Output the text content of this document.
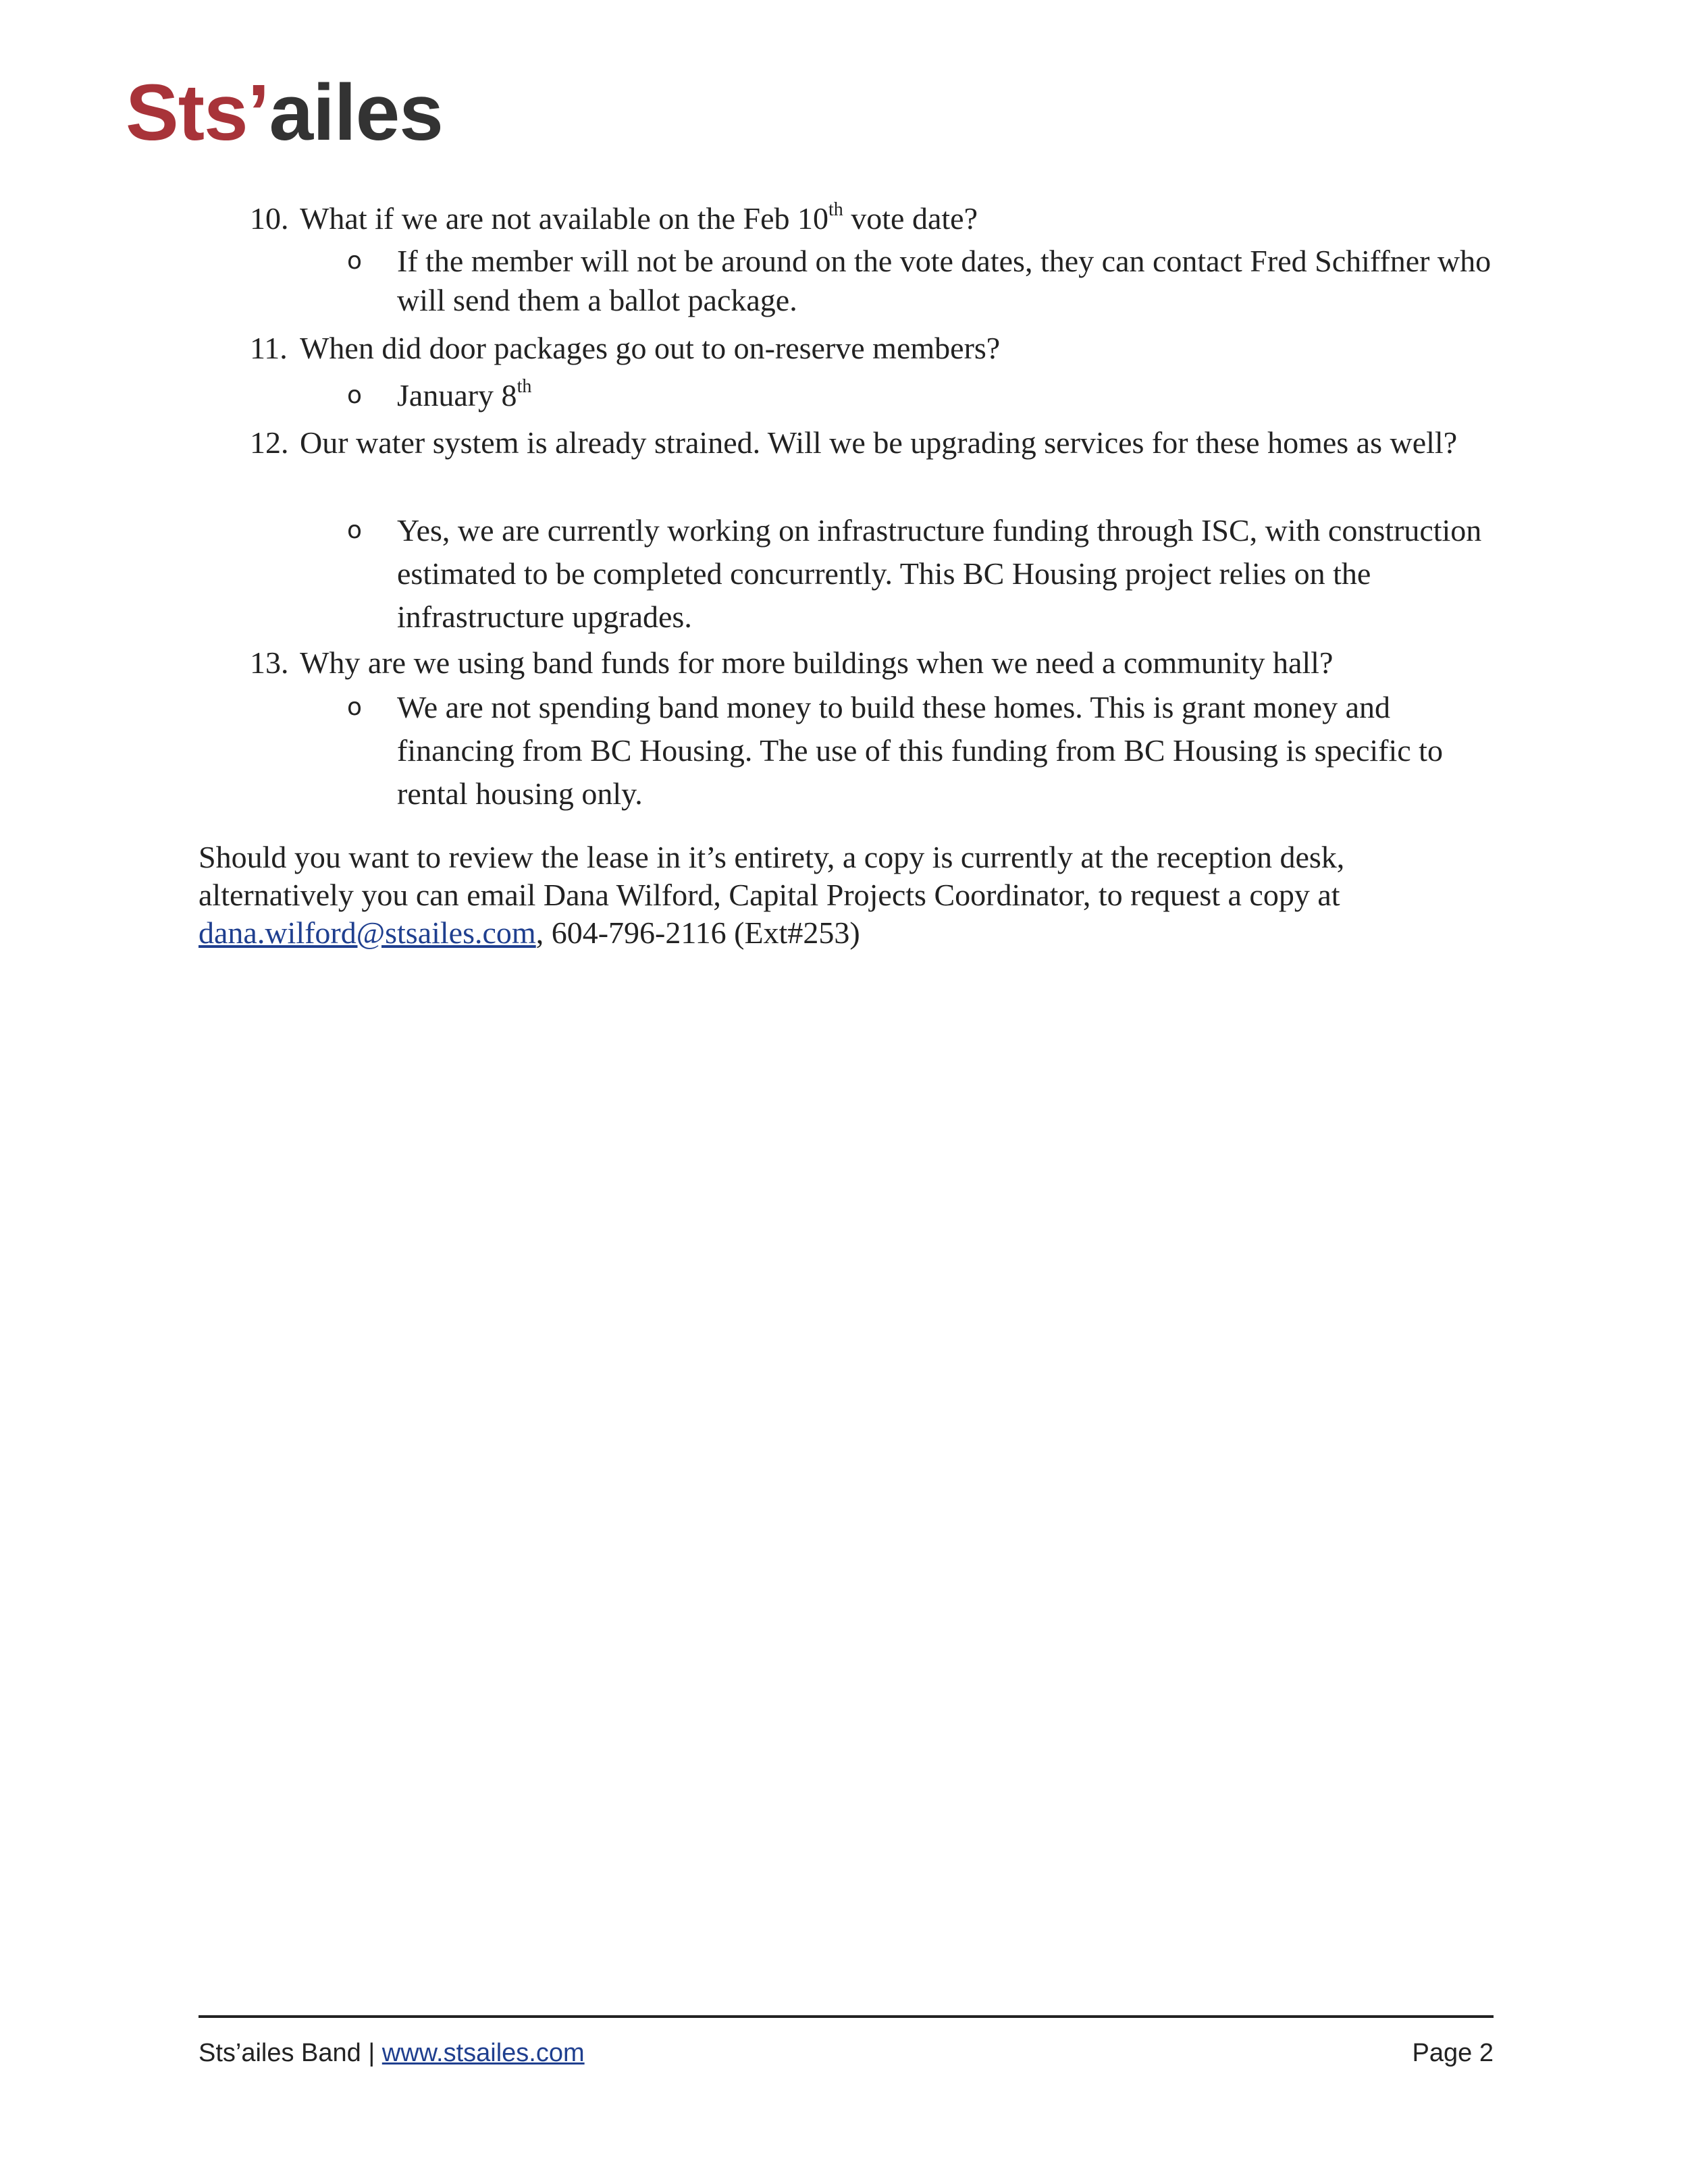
Sts’ailes
10. What if we are not available on the Feb 10th vote date?
o If the member will not be around on the vote dates, they can contact Fred Schiffner who will send them a ballot package.
11. When did door packages go out to on-reserve members?
o January 8th
12. Our water system is already strained. Will we be upgrading services for these homes as well?
o Yes, we are currently working on infrastructure funding through ISC, with construction estimated to be completed concurrently. This BC Housing project relies on the infrastructure upgrades.
13. Why are we using band funds for more buildings when we need a community hall?
o We are not spending band money to build these homes. This is grant money and financing from BC Housing. The use of this funding from BC Housing is specific to rental housing only.
Should you want to review the lease in it’s entirety, a copy is currently at the reception desk, alternatively you can email Dana Wilford, Capital Projects Coordinator, to request a copy at dana.wilford@stsailes.com, 604-796-2116 (Ext#253)
Sts’ailes Band | www.stsailes.com	Page 2
